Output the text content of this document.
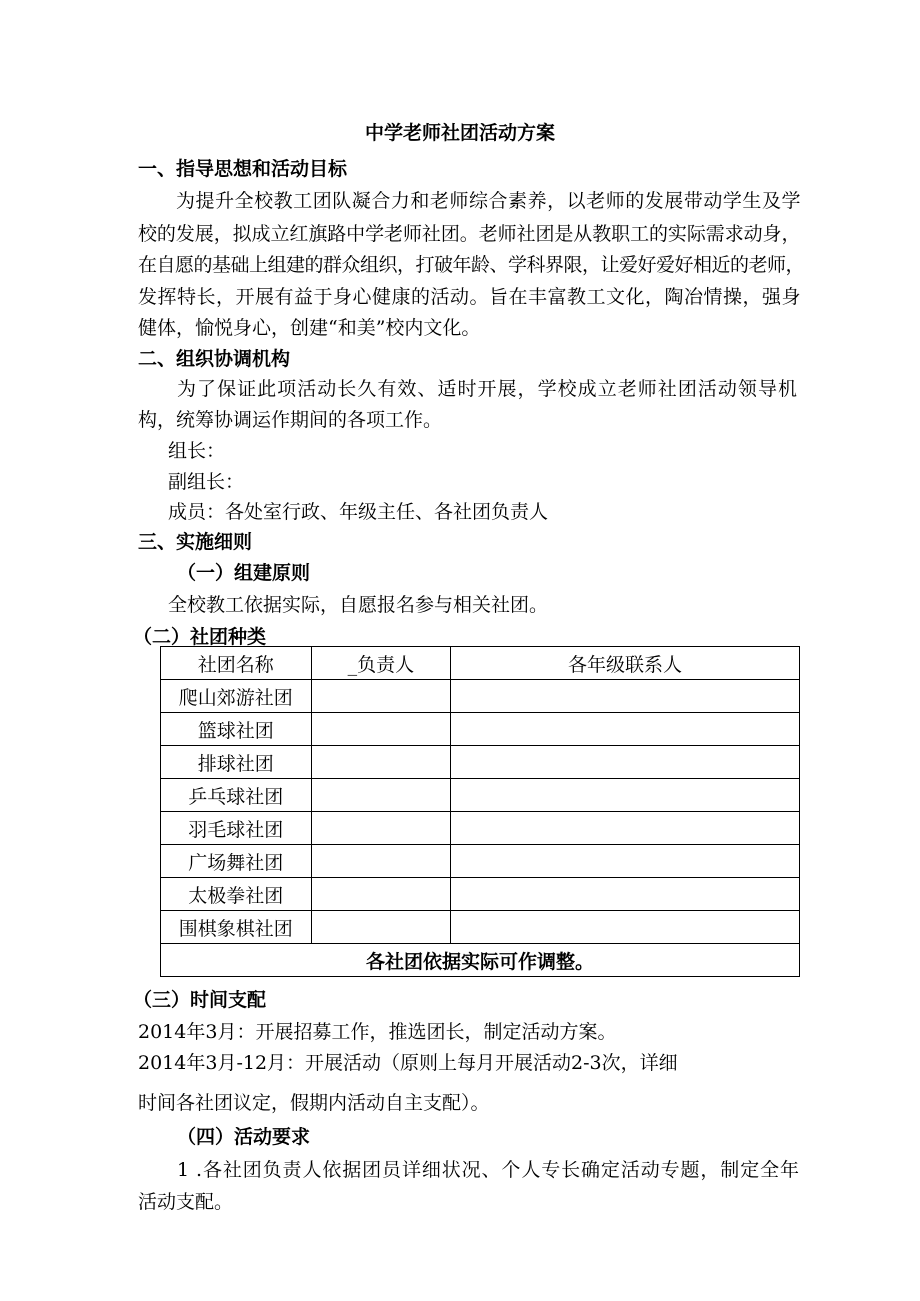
中学老师社团活动方案
一、指导思想和活动目标
为提升全校教工团队凝合力和老师综合素养，以老师的发展带动学生及学
校的发展，拟成立红旗路中学老师社团。老师社团是从教职工的实际需求动身，
在自愿的基础上组建的群众组织，打破年龄、学科界限，让爱好爱好相近的老师，
发挥特长，开展有益于身心健康的活动。旨在丰富教工文化，陶冶情操，强身
健体，愉悦身心，创建“和美”校内文化。
二、组织协调机构
为了保证此项活动长久有效、适时开展，学校成立老师社团活动领导机
构，统筹协调运作期间的各项工作。
组长：
副组长：
成员：各处室行政、年级主任、各社团负责人
三、实施细则
（一）组建原则
全校教工依据实际，自愿报名参与相关社团。
（二）社团种类
社团名称	_负责人	各年级联系人
爬山郊游社团		
篮球社团		
排球社团		
乒乓球社团		
羽毛球社团		
广场舞社团		
太极拳社团		
围棋象棋社团		
各社团依据实际可作调整。		
（三）时间支配
2014年3月：开展招募工作，推选团长，制定活动方案。
2014年3月-12月：开展活动（原则上每月开展活动2-3次，详细
时间各社团议定，假期内活动自主支配）。
（四）活动要求
1 .各社团负责人依据团员详细状况、个人专长确定活动专题，制定全年
活动支配。
